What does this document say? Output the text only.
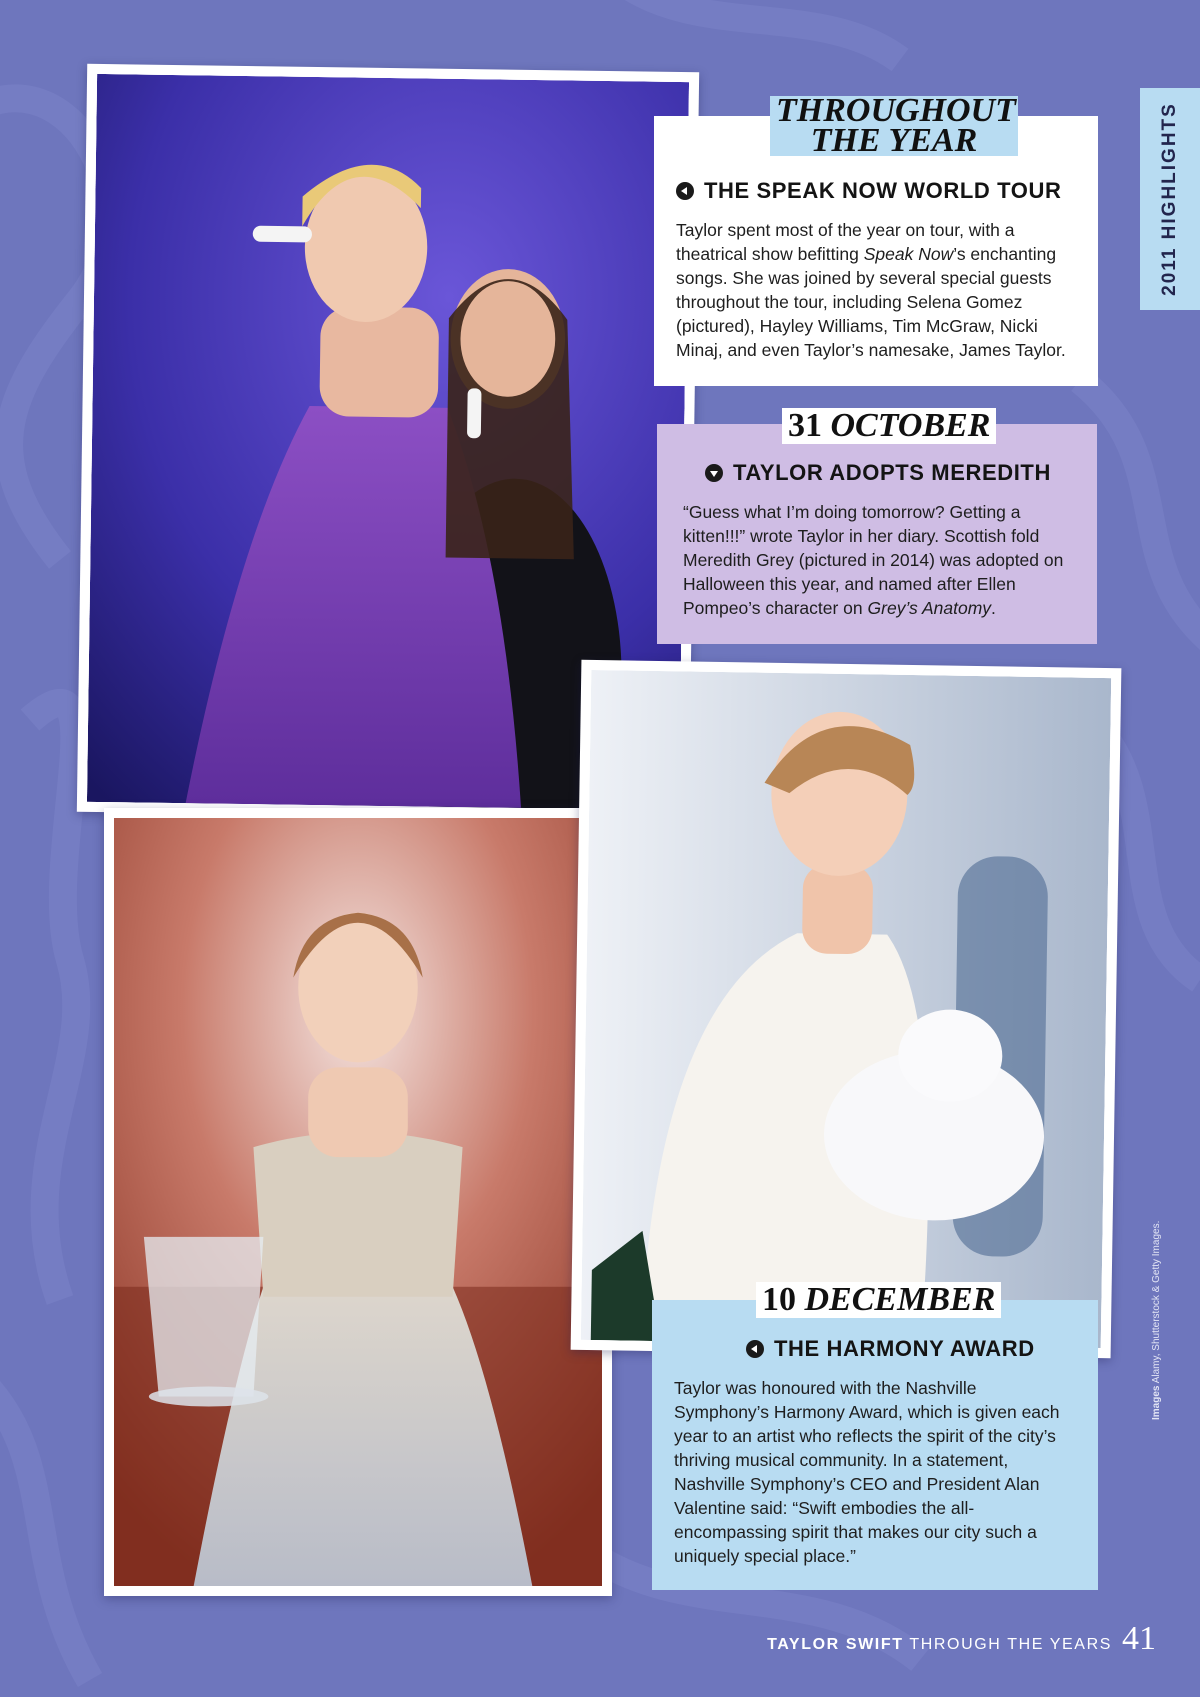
2011 HIGHLIGHTS
THE SPEAK NOW WORLD TOUR

Taylor spent most of the year on tour, with a theatrical show befitting Speak Now’s enchanting songs. She was joined by several special guests throughout the tour, including Selena Gomez (pictured), Hayley Williams, Tim McGraw, Nicki Minaj, and even Taylor’s namesake, James Taylor.

THROUGHOUT THE YEAR
TAYLOR ADOPTS MEREDITH

“Guess what I’m doing tomorrow? Getting a kitten!!!” wrote Taylor in her diary. Scottish fold Meredith Grey (pictured in 2014) was adopted on Halloween this year, and named after Ellen Pompeo’s character on Grey’s Anatomy.

31 OCTOBER
THE HARMONY AWARD

Taylor was honoured with the Nashville Symphony’s Harmony Award, which is given each year to an artist who reflects the spirit of the city’s thriving musical community. In a statement, Nashville Symphony’s CEO and President Alan Valentine said: “Swift embodies the all-encompassing spirit that makes our city such a uniquely special place.”

10 DECEMBER
Images Alamy, Shutterstock & Getty Images.
TAYLOR SWIFT THROUGH THE YEARS 41
